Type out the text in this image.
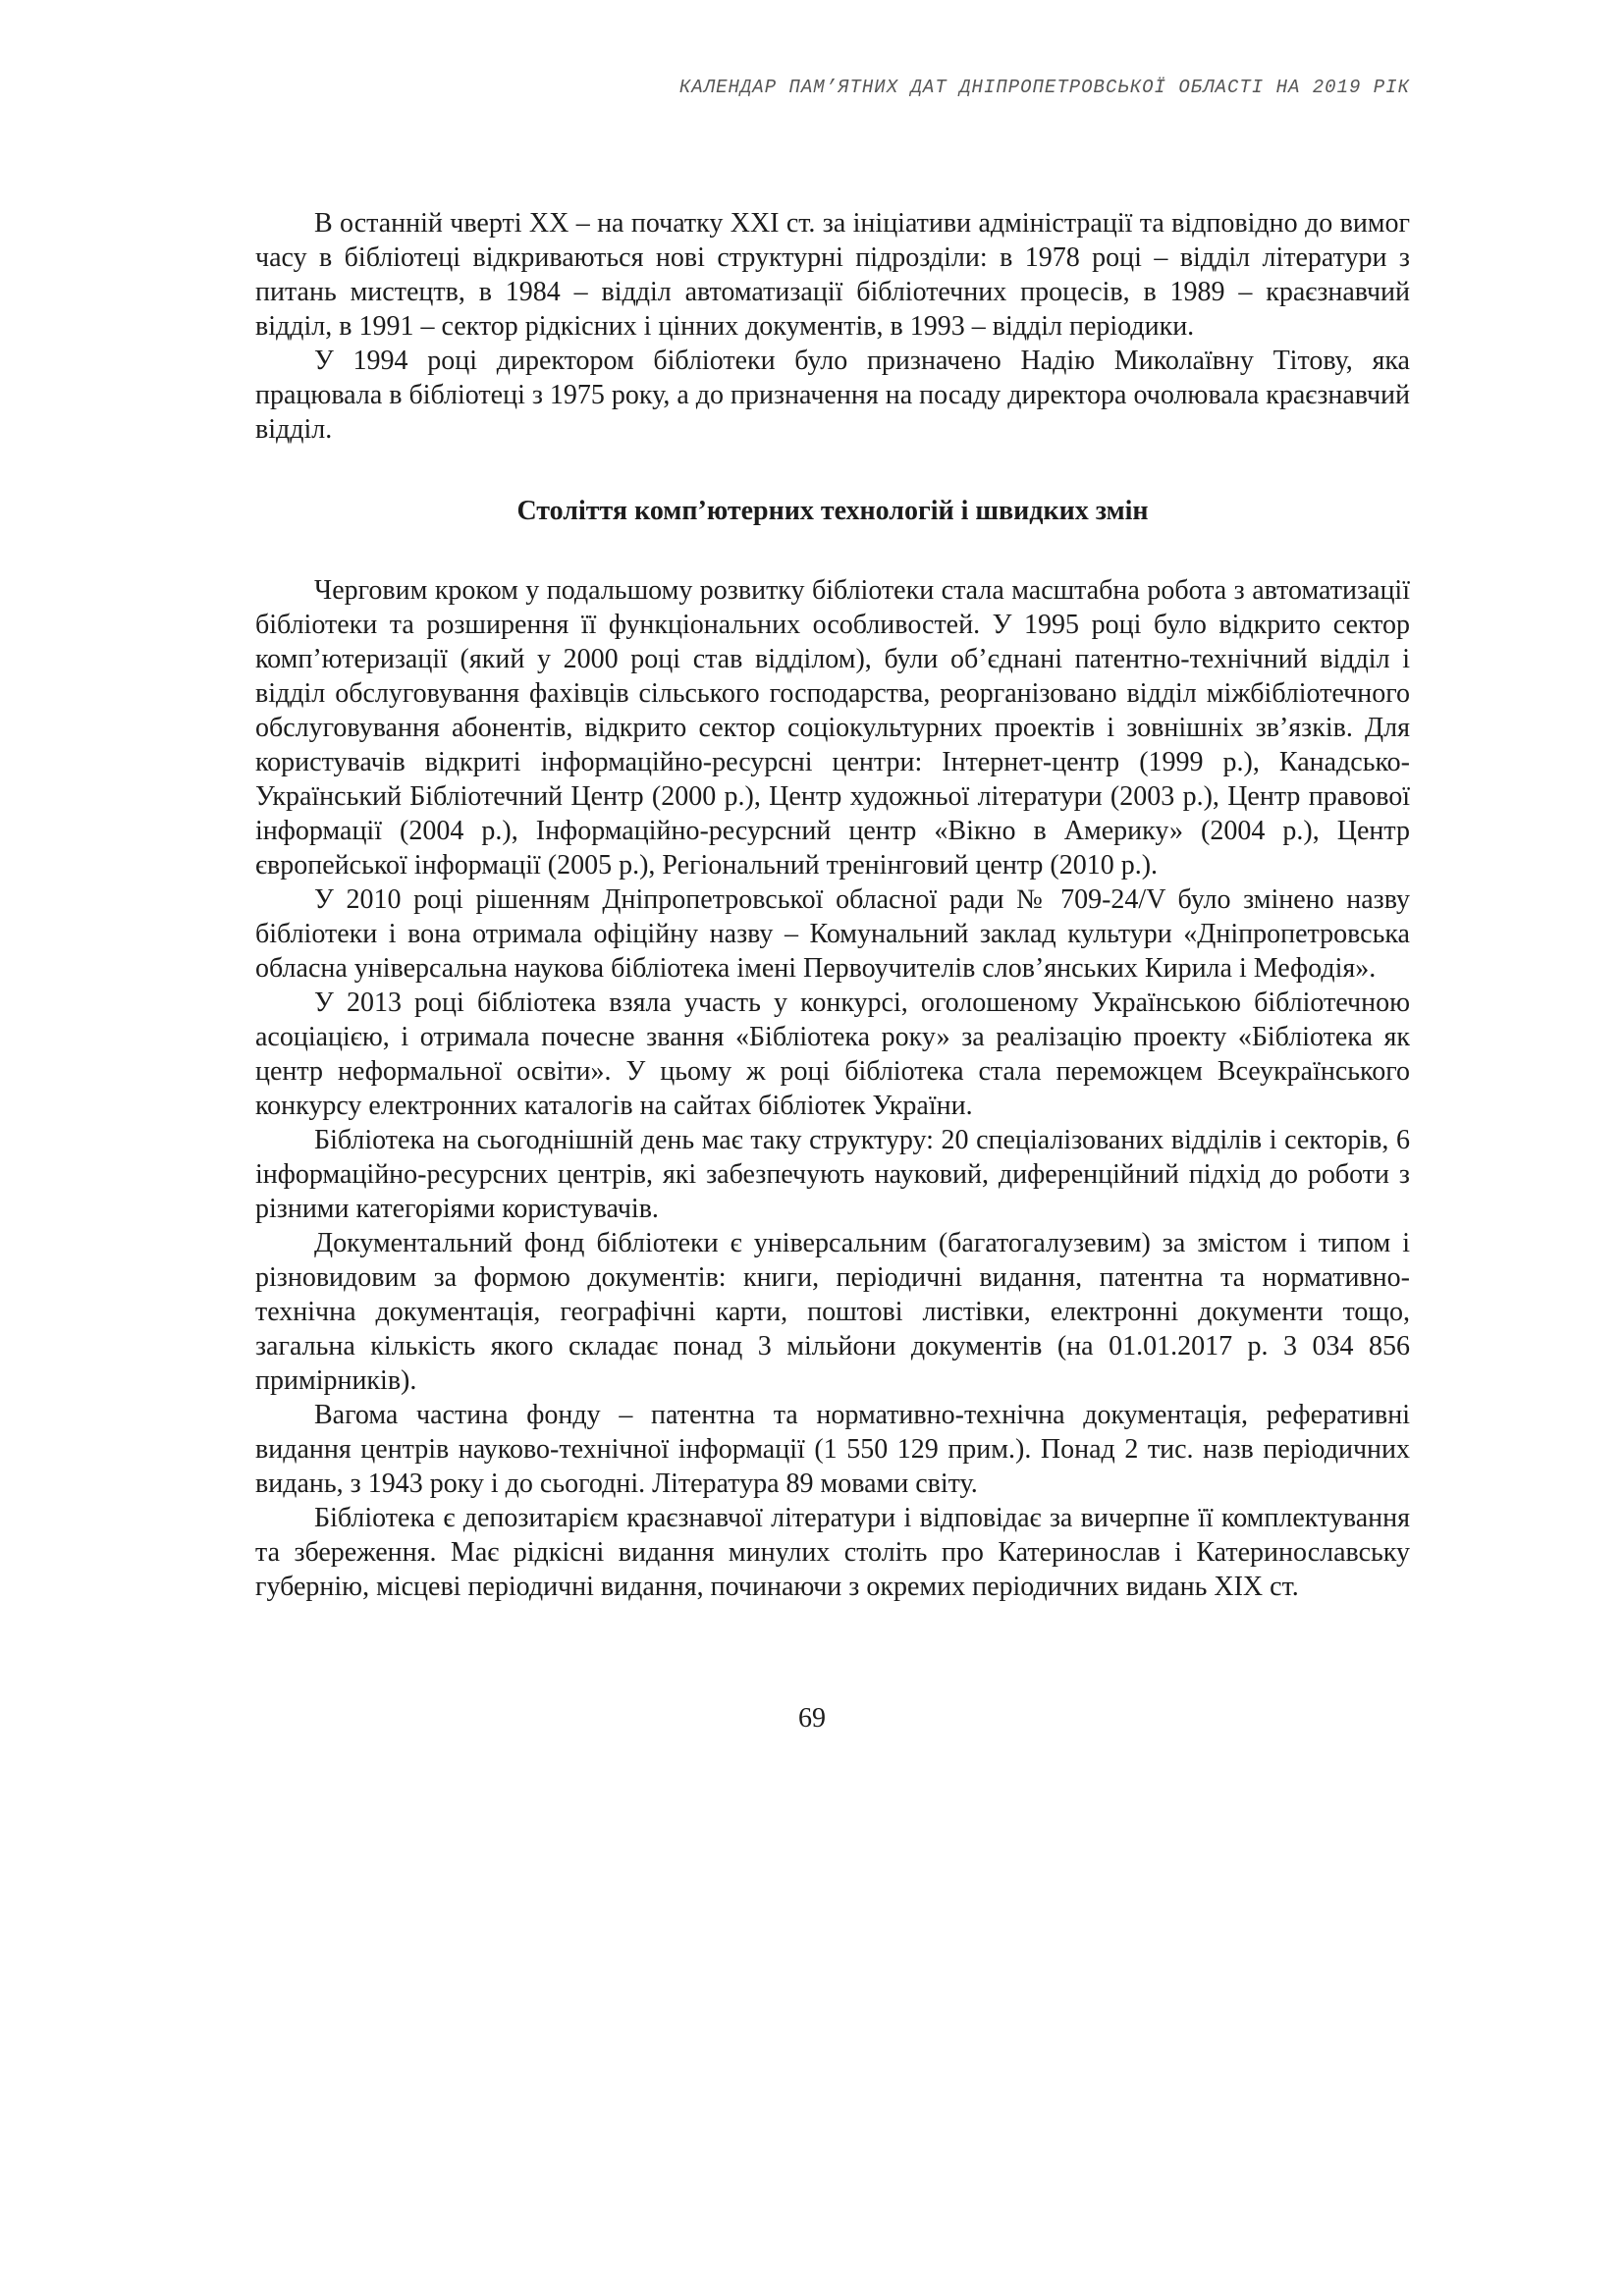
КАЛЕНДАР ПАМ’ЯТНИХ ДАТ ДНІПРОПЕТРОВСЬКОЇ ОБЛАСТІ НА 2019 РІК

В останній чверті ХХ – на початку ХХІ ст. за ініціативи адміністрації та відповідно до вимог часу в бібліотеці відкриваються нові структурні підрозділи: в 1978 році – відділ літератури з питань мистецтв, в 1984 – відділ автоматизації бібліотечних процесів, в 1989 – краєзнавчий відділ, в 1991 – сектор рідкісних і цінних документів, в 1993 – відділ періодики.

У 1994 році директором бібліотеки було призначено Надію Миколаївну Тітову, яка працювала в бібліотеці з 1975 року, а до призначення на посаду директора очолювала краєзнавчий відділ.

Століття комп’ютерних технологій і швидких змін

Черговим кроком у подальшому розвитку бібліотеки стала масштабна робота з автоматизації бібліотеки та розширення її функціональних особливостей. У 1995 році було відкрито сектор комп’ютеризації (який у 2000 році став відділом), були об’єднані патентно-технічний відділ і відділ обслуговування фахівців сільського господарства, реорганізовано відділ міжбібліотечного обслуговування абонентів, відкрито сектор соціокультурних проектів і зовнішніх зв’язків. Для користувачів відкриті інформаційно-ресурсні центри: Інтернет-центр (1999 р.), Канадсько-Український Бібліотечний Центр (2000 р.), Центр художньої літератури (2003 р.), Центр правової інформації (2004 р.), Інформаційно-ресурсний центр «Вікно в Америку» (2004 р.), Центр європейської інформації (2005 р.), Регіональний тренінговий центр (2010 р.).

У 2010 році рішенням Дніпропетровської обласної ради № 709-24/V було змінено назву бібліотеки і вона отримала офіційну назву – Комунальний заклад культури «Дніпропетровська обласна універсальна наукова бібліотека імені Первоучителів слов’янських Кирила і Мефодія».

У 2013 році бібліотека взяла участь у конкурсі, оголошеному Українською бібліотечною асоціацією, і отримала почесне звання «Бібліотека року» за реалізацію проекту «Бібліотека як центр неформальної освіти». У цьому ж році бібліотека стала переможцем Всеукраїнського конкурсу електронних каталогів на сайтах бібліотек України.

Бібліотека на сьогоднішній день має таку структуру: 20 спеціалізованих відділів і секторів, 6 інформаційно-ресурсних центрів, які забезпечують науковий, диференційний підхід до роботи з різними категоріями користувачів.

Документальний фонд бібліотеки є універсальним (багатогалузевим) за змістом і типом і різновидовим за формою документів: книги, періодичні видання, патентна та нормативно-технічна документація, географічні карти, поштові листівки, електронні документи тощо, загальна кількість якого складає понад 3 мільйони документів (на 01.01.2017 р. 3 034 856 примірників).

Вагома частина фонду – патентна та нормативно-технічна документація, реферативні видання центрів науково-технічної інформації (1 550 129 прим.). Понад 2 тис. назв періодичних видань, з 1943 року і до сьогодні. Література 89 мовами світу.

Бібліотека є депозитарієм краєзнавчої літератури і відповідає за вичерпне її комплектування та збереження. Має рідкісні видання минулих століть про Катеринослав і Катеринославську губернію, місцеві періодичні видання, починаючи з окремих періодичних видань ХІХ ст.

69
